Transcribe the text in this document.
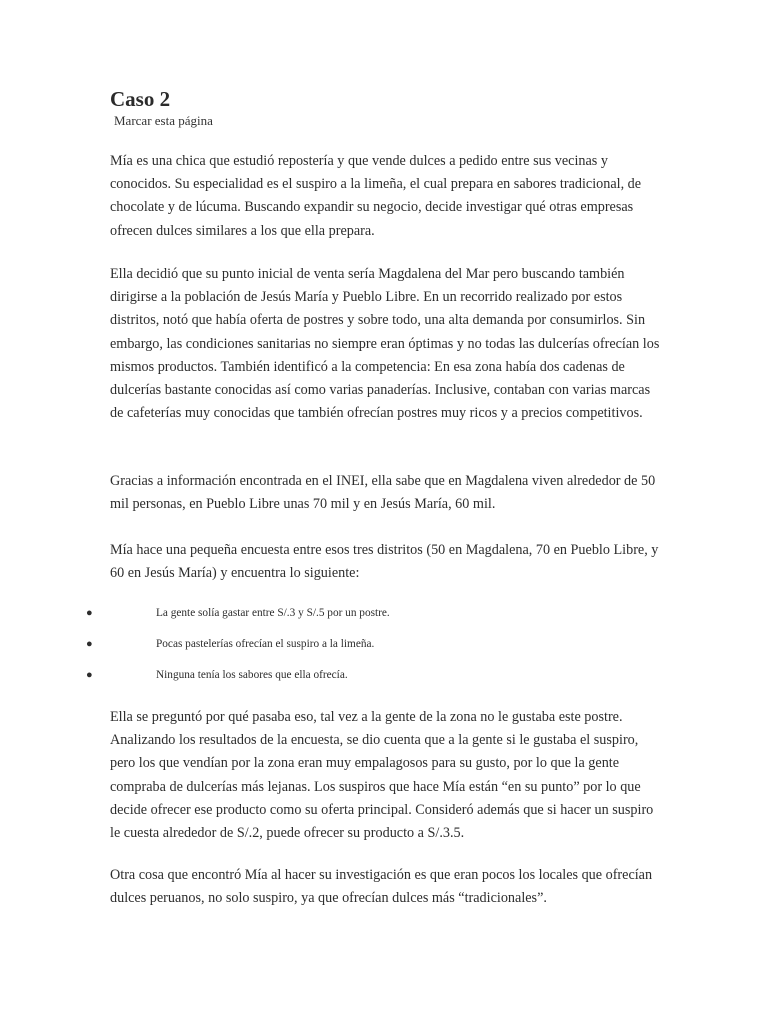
Caso 2
Marcar esta página
Mía es una chica que estudió repostería y que vende dulces a pedido entre sus vecinas y conocidos. Su especialidad es el suspiro a la limeña, el cual prepara en sabores tradicional, de chocolate y de lúcuma. Buscando expandir su negocio, decide investigar qué otras empresas ofrecen dulces similares a los que ella prepara.
Ella decidió que su punto inicial de venta sería Magdalena del Mar pero buscando también dirigirse a la población de Jesús María y Pueblo Libre. En un recorrido realizado por estos distritos, notó que había oferta de postres y sobre todo, una alta demanda por consumirlos. Sin embargo, las condiciones sanitarias no siempre eran óptimas y no todas las dulcerías ofrecían los mismos productos. También identificó a la competencia: En esa zona había dos cadenas de dulcerías bastante conocidas así como varias panaderías. Inclusive, contaban con varias marcas de cafeterías muy conocidas que también ofrecían postres muy ricos y a precios competitivos.
Gracias a información encontrada en el INEI, ella sabe que en Magdalena viven alrededor de 50 mil personas, en Pueblo Libre unas 70 mil y en Jesús María, 60 mil.
Mía hace una pequeña encuesta entre esos tres distritos (50 en Magdalena, 70 en Pueblo Libre, y 60 en Jesús María) y encuentra lo siguiente:
●	La gente solía gastar entre S/.3 y S/.5 por un postre.
●	Pocas pastelerías ofrecían el suspiro a la limeña.
●	Ninguna tenía los sabores que ella ofrecía.
Ella se preguntó por qué pasaba eso, tal vez a la gente de la zona no le gustaba este postre. Analizando los resultados de la encuesta, se dio cuenta que a la gente si le gustaba el suspiro, pero los que vendían por la zona eran muy empalagosos para su gusto, por lo que la gente compraba de dulcerías más lejanas. Los suspiros que hace Mía están “en su punto” por lo que decide ofrecer ese producto como su oferta principal. Consideró además que si hacer un suspiro le cuesta alrededor de S/.2, puede ofrecer su producto a S/.3.5.
Otra cosa que encontró Mía al hacer su investigación es que eran pocos los locales que ofrecían dulces peruanos, no solo suspiro, ya que ofrecían dulces más “tradicionales”.
